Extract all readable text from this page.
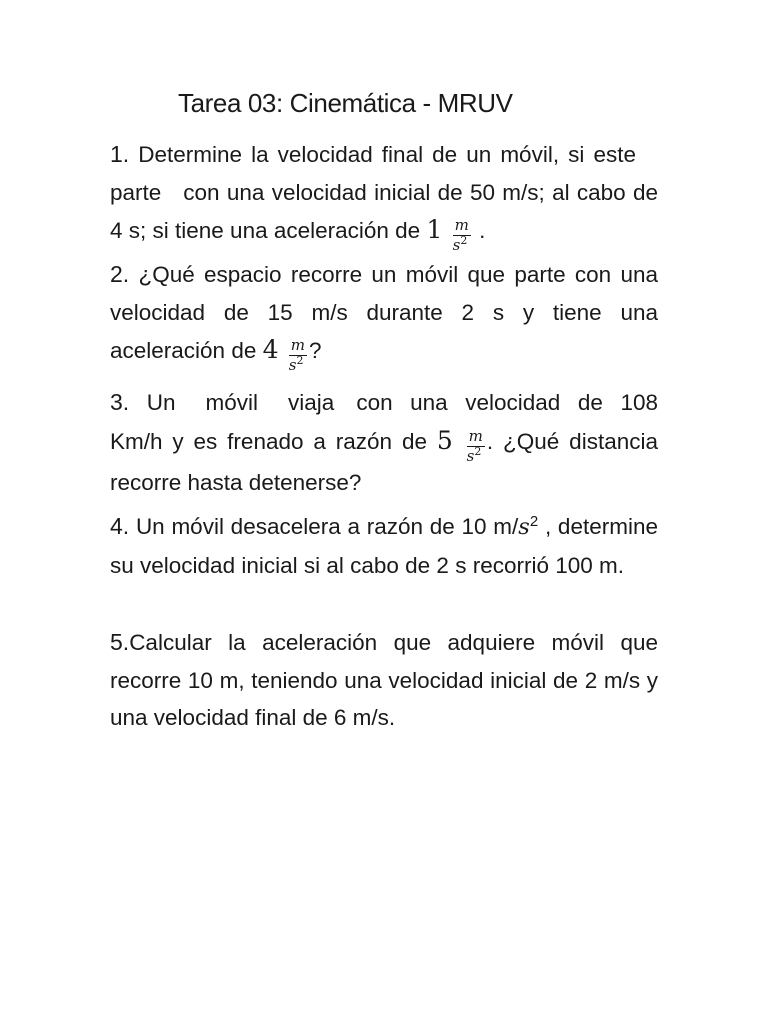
Tarea 03: Cinemática - MRUV
1. Determine la velocidad final de un móvil, si esteparte con una velocidad inicial de 50 m/s; al cabo de 4 s; si tiene una aceleración de $1 \frac{m}{s^2}$ .
2. ¿Qué espacio recorre un móvil que parte con una velocidad de 15 m/s durante 2 s y tiene una aceleración de $4 \frac{m}{s^2}$ ?
3. Un móvil viaja con una velocidad de 108 Km/h y es frenado a razón de $5 \frac{m}{s^2}$ . ¿Qué distancia recorre hasta detenerse?
4. Un móvil desacelera a razón de 10 $m/s^2$ , determine su velocidad inicial si al cabo de 2 s recorrió 100 m.
5.Calcular la aceleración que adquiere móvil que recorre 10 m, teniendo una velocidad inicial de 2 m/s y una velocidad final de 6 m/s.
